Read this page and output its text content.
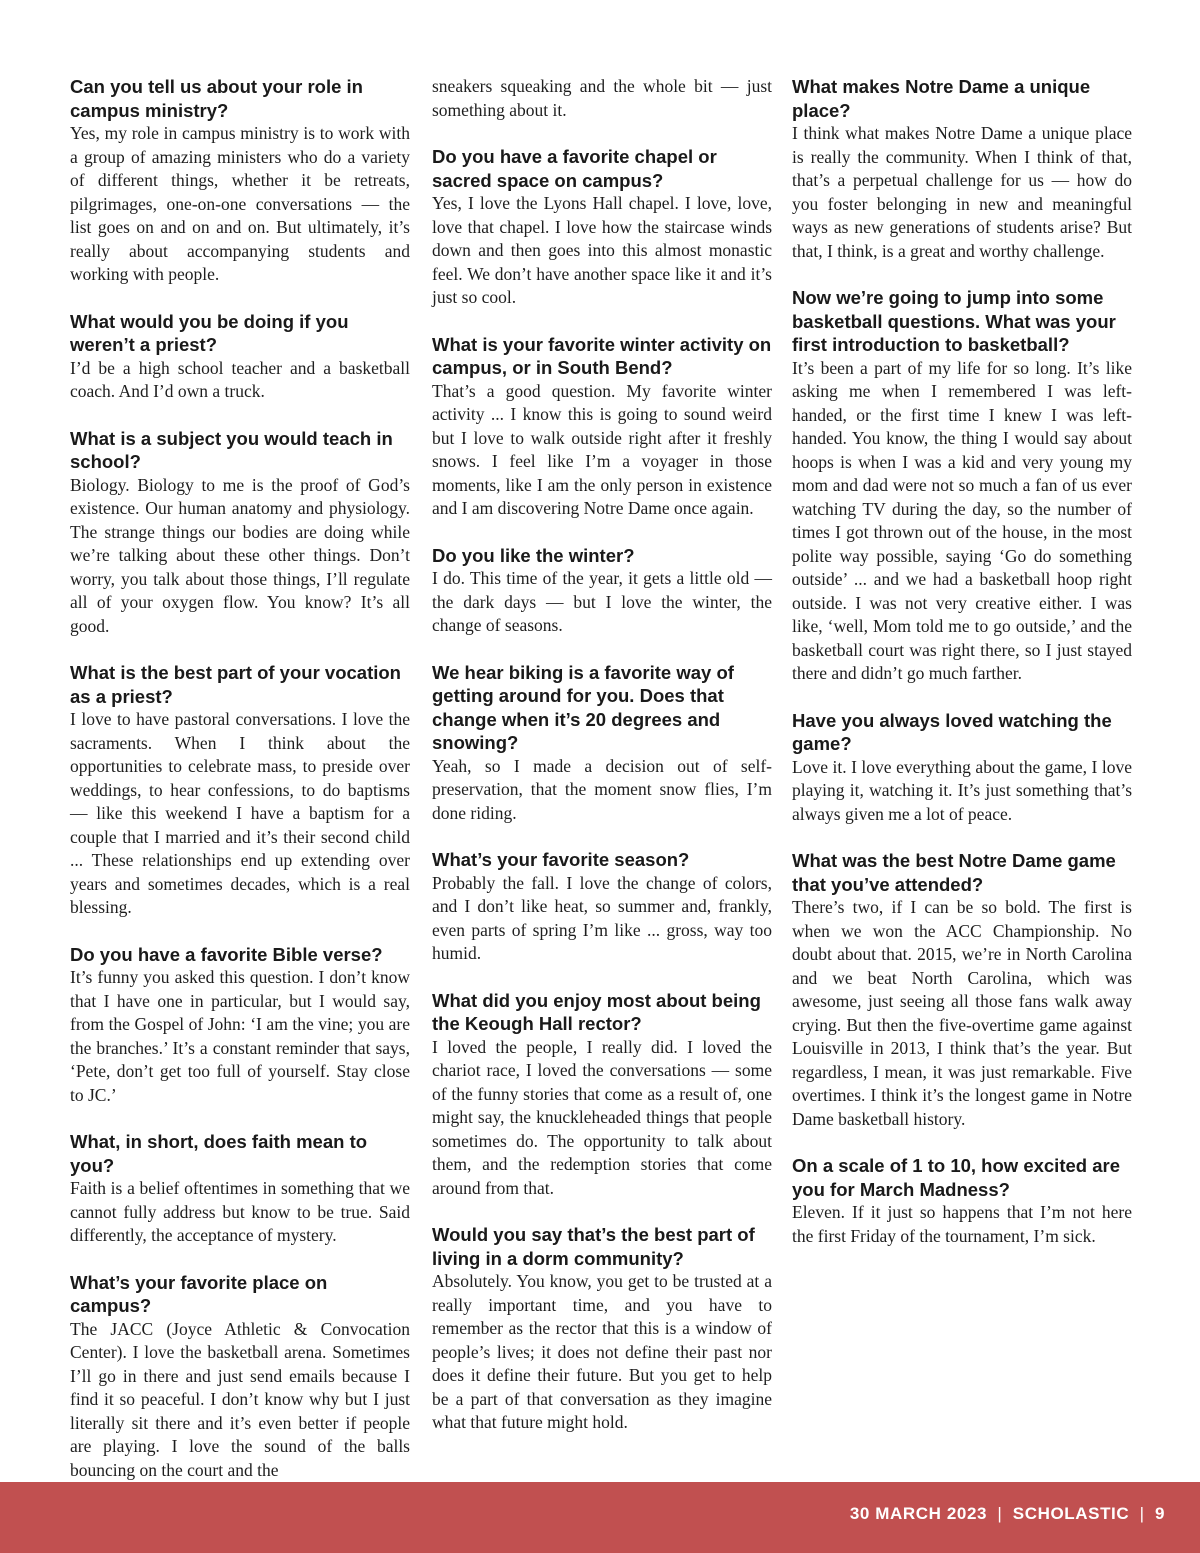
Can you tell us about your role in campus ministry?

Yes, my role in campus ministry is to work with a group of amazing ministers who do a variety of different things, whether it be retreats, pilgrimages, one-on-one conversations — the list goes on and on and on. But ultimately, it’s really about accompanying students and working with people.

What would you be doing if you weren’t a priest?

I’d be a high school teacher and a basketball coach. And I’d own a truck.

What is a subject you would teach in school?

Biology. Biology to me is the proof of God’s existence. Our human anatomy and physiology. The strange things our bodies are doing while we’re talking about these other things. Don’t worry, you talk about those things, I’ll regulate all of your oxygen flow. You know? It’s all good.

What is the best part of your vocation as a priest?

I love to have pastoral conversations. I love the sacraments. When I think about the opportunities to celebrate mass, to preside over weddings, to hear confessions, to do baptisms — like this weekend I have a baptism for a couple that I married and it’s their second child ... These relationships end up extending over years and sometimes decades, which is a real blessing.

Do you have a favorite Bible verse?

It’s funny you asked this question. I don’t know that I have one in particular, but I would say, from the Gospel of John: ‘I am the vine; you are the branches.’ It’s a constant reminder that says, ‘Pete, don’t get too full of yourself. Stay close to JC.’

What, in short, does faith mean to you?

Faith is a belief oftentimes in something that we cannot fully address but know to be true. Said differently, the acceptance of mystery.

What’s your favorite place on campus?

The JACC (Joyce Athletic & Convocation Center). I love the basketball arena. Sometimes I’ll go in there and just send emails because I find it so peaceful. I don’t know why but I just literally sit there and it’s even better if people are playing. I love the sound of the balls bouncing on the court and the

sneakers squeaking and the whole bit — just something about it.

Do you have a favorite chapel or sacred space on campus?

Yes, I love the Lyons Hall chapel. I love, love, love that chapel. I love how the staircase winds down and then goes into this almost monastic feel. We don’t have another space like it and it’s just so cool.

What is your favorite winter activity on campus, or in South Bend?

That’s a good question. My favorite winter activity ... I know this is going to sound weird but I love to walk outside right after it freshly snows. I feel like I’m a voyager in those moments, like I am the only person in existence and I am discovering Notre Dame once again.

Do you like the winter?

I do. This time of the year, it gets a little old — the dark days — but I love the winter, the change of seasons.

We hear biking is a favorite way of getting around for you. Does that change when it’s 20 degrees and snowing?

Yeah, so I made a decision out of self-preservation, that the moment snow flies, I’m done riding.

What’s your favorite season?

Probably the fall. I love the change of colors, and I don’t like heat, so summer and, frankly, even parts of spring I’m like ... gross, way too humid.

What did you enjoy most about being the Keough Hall rector?

I loved the people, I really did. I loved the chariot race, I loved the conversations — some of the funny stories that come as a result of, one might say, the knuckleheaded things that people sometimes do. The opportunity to talk about them, and the redemption stories that come around from that.

Would you say that’s the best part of living in a dorm community?

Absolutely. You know, you get to be trusted at a really important time, and you have to remember as the rector that this is a window of people’s lives; it does not define their past nor does it define their future. But you get to help be a part of that conversation as they imagine what that future might hold.

What makes Notre Dame a unique place?

I think what makes Notre Dame a unique place is really the community. When I think of that, that’s a perpetual challenge for us — how do you foster belonging in new and meaningful ways as new generations of students arise? But that, I think, is a great and worthy challenge.

Now we’re going to jump into some basketball questions. What was your first introduction to basketball?

It’s been a part of my life for so long. It’s like asking me when I remembered I was left-handed, or the first time I knew I was left-handed. You know, the thing I would say about hoops is when I was a kid and very young my mom and dad were not so much a fan of us ever watching TV during the day, so the number of times I got thrown out of the house, in the most polite way possible, saying ‘Go do something outside’ ... and we had a basketball hoop right outside. I was not very creative either. I was like, ‘well, Mom told me to go outside,’ and the basketball court was right there, so I just stayed there and didn’t go much farther.

Have you always loved watching the game?

Love it. I love everything about the game, I love playing it, watching it. It’s just something that’s always given me a lot of peace.

What was the best Notre Dame game that you’ve attended?

There’s two, if I can be so bold. The first is when we won the ACC Championship. No doubt about that. 2015, we’re in North Carolina and we beat North Carolina, which was awesome, just seeing all those fans walk away crying. But then the five-overtime game against Louisville in 2013, I think that’s the year. But regardless, I mean, it was just remarkable. Five overtimes. I think it’s the longest game in Notre Dame basketball history.

On a scale of 1 to 10, how excited are you for March Madness?

Eleven. If it just so happens that I’m not here the first Friday of the tournament, I’m sick.

30 MARCH 2023 | SCHOLASTIC | 9
